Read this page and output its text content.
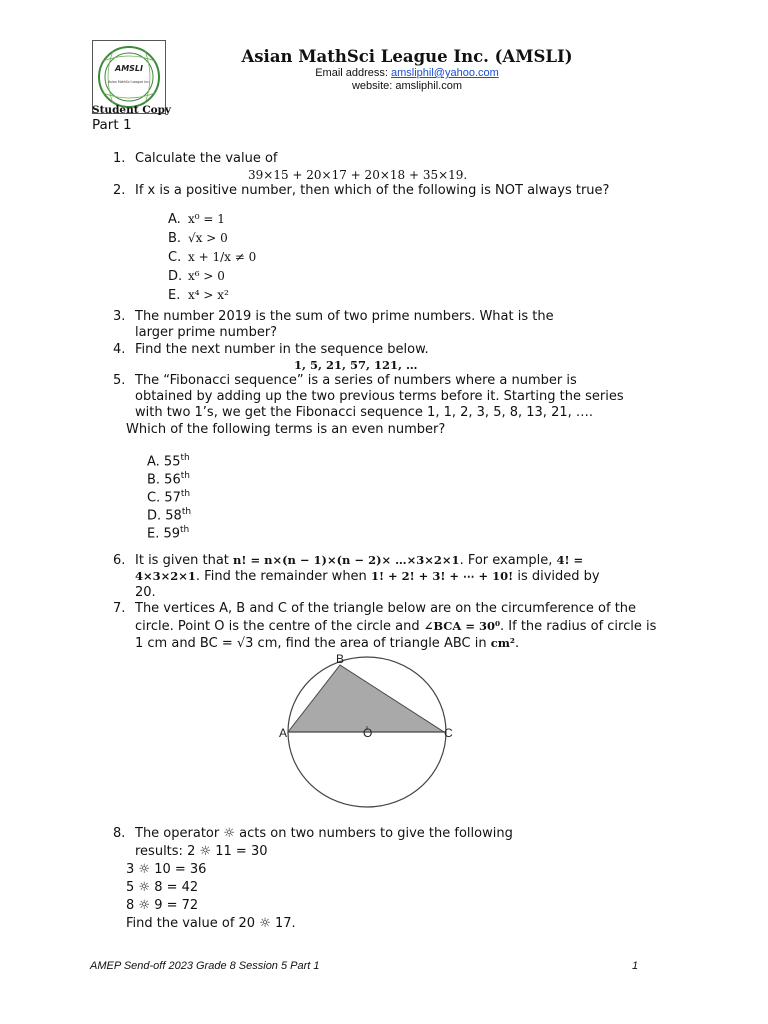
AMSLI
Asian MathSci League Inc.
Asian MathSci League Inc. (AMSLI)
Email address: amsliphil@yahoo.com
website: amsliphil.com
Student Copy
Part 1
1. Calculate the value of
39×15 + 20×17 + 20×18 + 35×19.
2. If x is a positive number, then which of the following is NOT always true?
A. x⁰ = 1
B. √x > 0
C. x + 1/x ≠ 0
D. x⁶ > 0
E. x⁴ > x²
3. The number 2019 is the sum of two prime numbers. What is the
larger prime number?
4. Find the next number in the sequence below.
1, 5, 21, 57, 121, …
5. The “Fibonacci sequence” is a series of numbers where a number is
obtained by adding up the two previous terms before it. Starting the series
with two 1’s, we get the Fibonacci sequence 1, 1, 2, 3, 5, 8, 13, 21, ….
Which of the following terms is an even number?
A. 55th
B. 56th
C. 57th
D. 58th
E. 59th
6. It is given that n! = n×(n − 1)×(n − 2)× …×3×2×1. For example, 4! =
4×3×2×1. Find the remainder when 1! + 2! + 3! + ⋯ + 10! is divided by
20.
7. The vertices A, B and C of the triangle below are on the circumference of the
circle. Point O is the centre of the circle and ∠BCA = 30⁰. If the radius of circle is
1 cm and BC = √3 cm, find the area of triangle ABC in cm².
B
A	O	C
8. The operator ☼ acts on two numbers to give the following
results: 2 ☼ 11 = 30
3 ☼ 10 = 36
5 ☼ 8 = 42
8 ☼ 9 = 72
Find the value of 20 ☼ 17.
AMEP Send-off 2023 Grade 8 Session 5 Part 1	1
